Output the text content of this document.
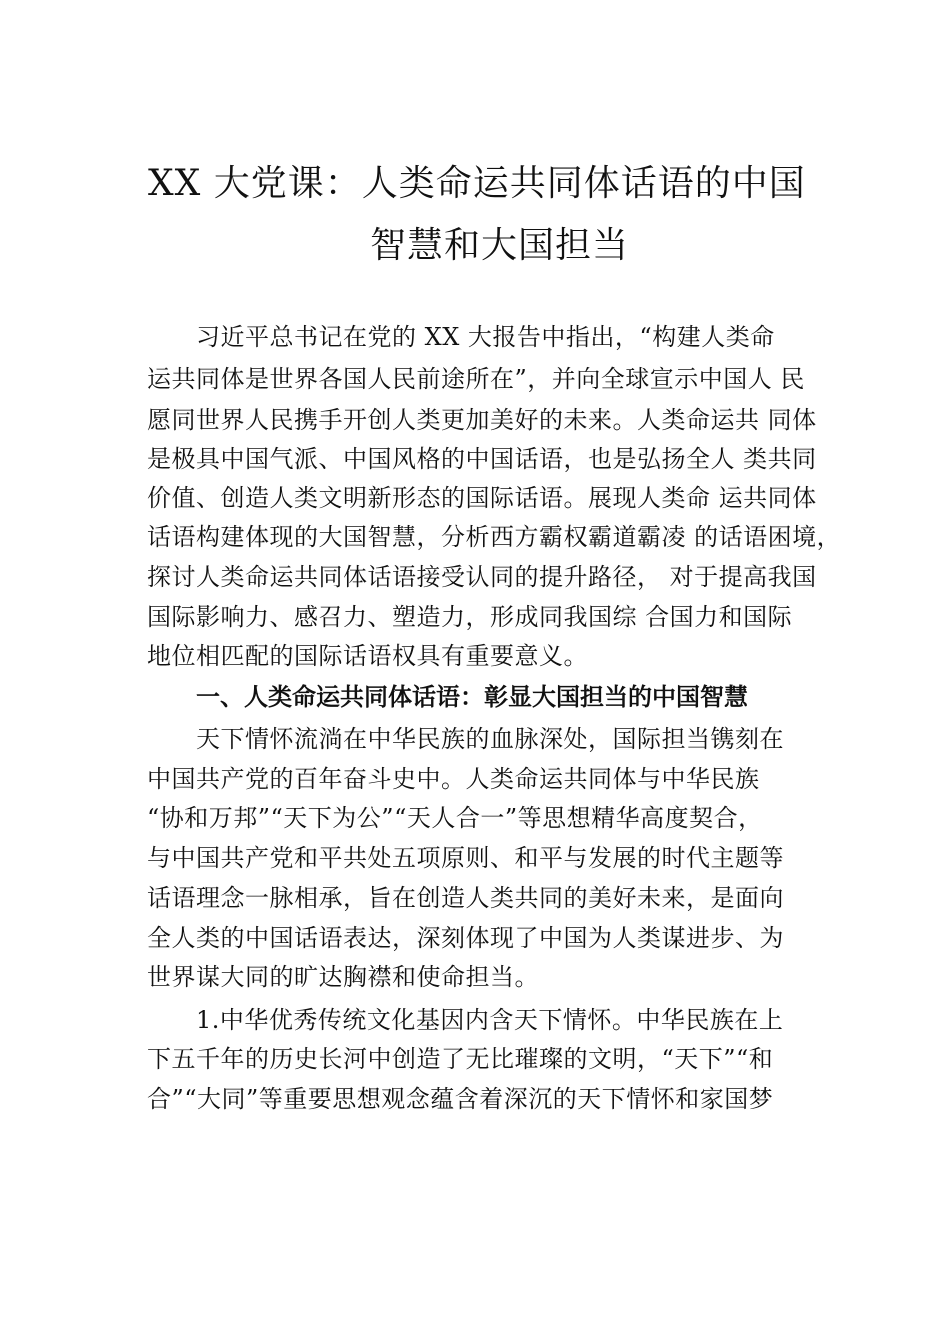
XX 大党课：人类命运共同体话语的中国
智慧和大国担当
习近平总书记在党的 XX 大报告中指出，“构建人类命
运共同体是世界各国人民前途所在”，并向全球宣示中国人 民
愿同世界人民携手开创人类更加美好的未来。人类命运共 同体
是极具中国气派、中国风格的中国话语，也是弘扬全人 类共同
价值、创造人类文明新形态的国际话语。展现人类命 运共同体
话语构建体现的大国智慧，分析西方霸权霸道霸凌 的话语困境，
探讨人类命运共同体话语接受认同的提升路径， 对于提高我国
国际影响力、感召力、塑造力，形成同我国综 合国力和国际
地位相匹配的国际话语权具有重要意义。
一、人类命运共同体话语：彰显大国担当的中国智慧
天下情怀流淌在中华民族的血脉深处，国际担当镌刻在
中国共产党的百年奋斗史中。人类命运共同体与中华民族
“协和万邦”“天下为公”“天人合一”等思想精华高度契合，
与中国共产党和平共处五项原则、和平与发展的时代主题等
话语理念一脉相承，旨在创造人类共同的美好未来，是面向
全人类的中国话语表达，深刻体现了中国为人类谋进步、为
世界谋大同的旷达胸襟和使命担当。
1.中华优秀传统文化基因内含天下情怀。中华民族在上
下五千年的历史长河中创造了无比璀璨的文明，“天下”“和
合”“大同”等重要思想观念蕴含着深沉的天下情怀和家国梦
